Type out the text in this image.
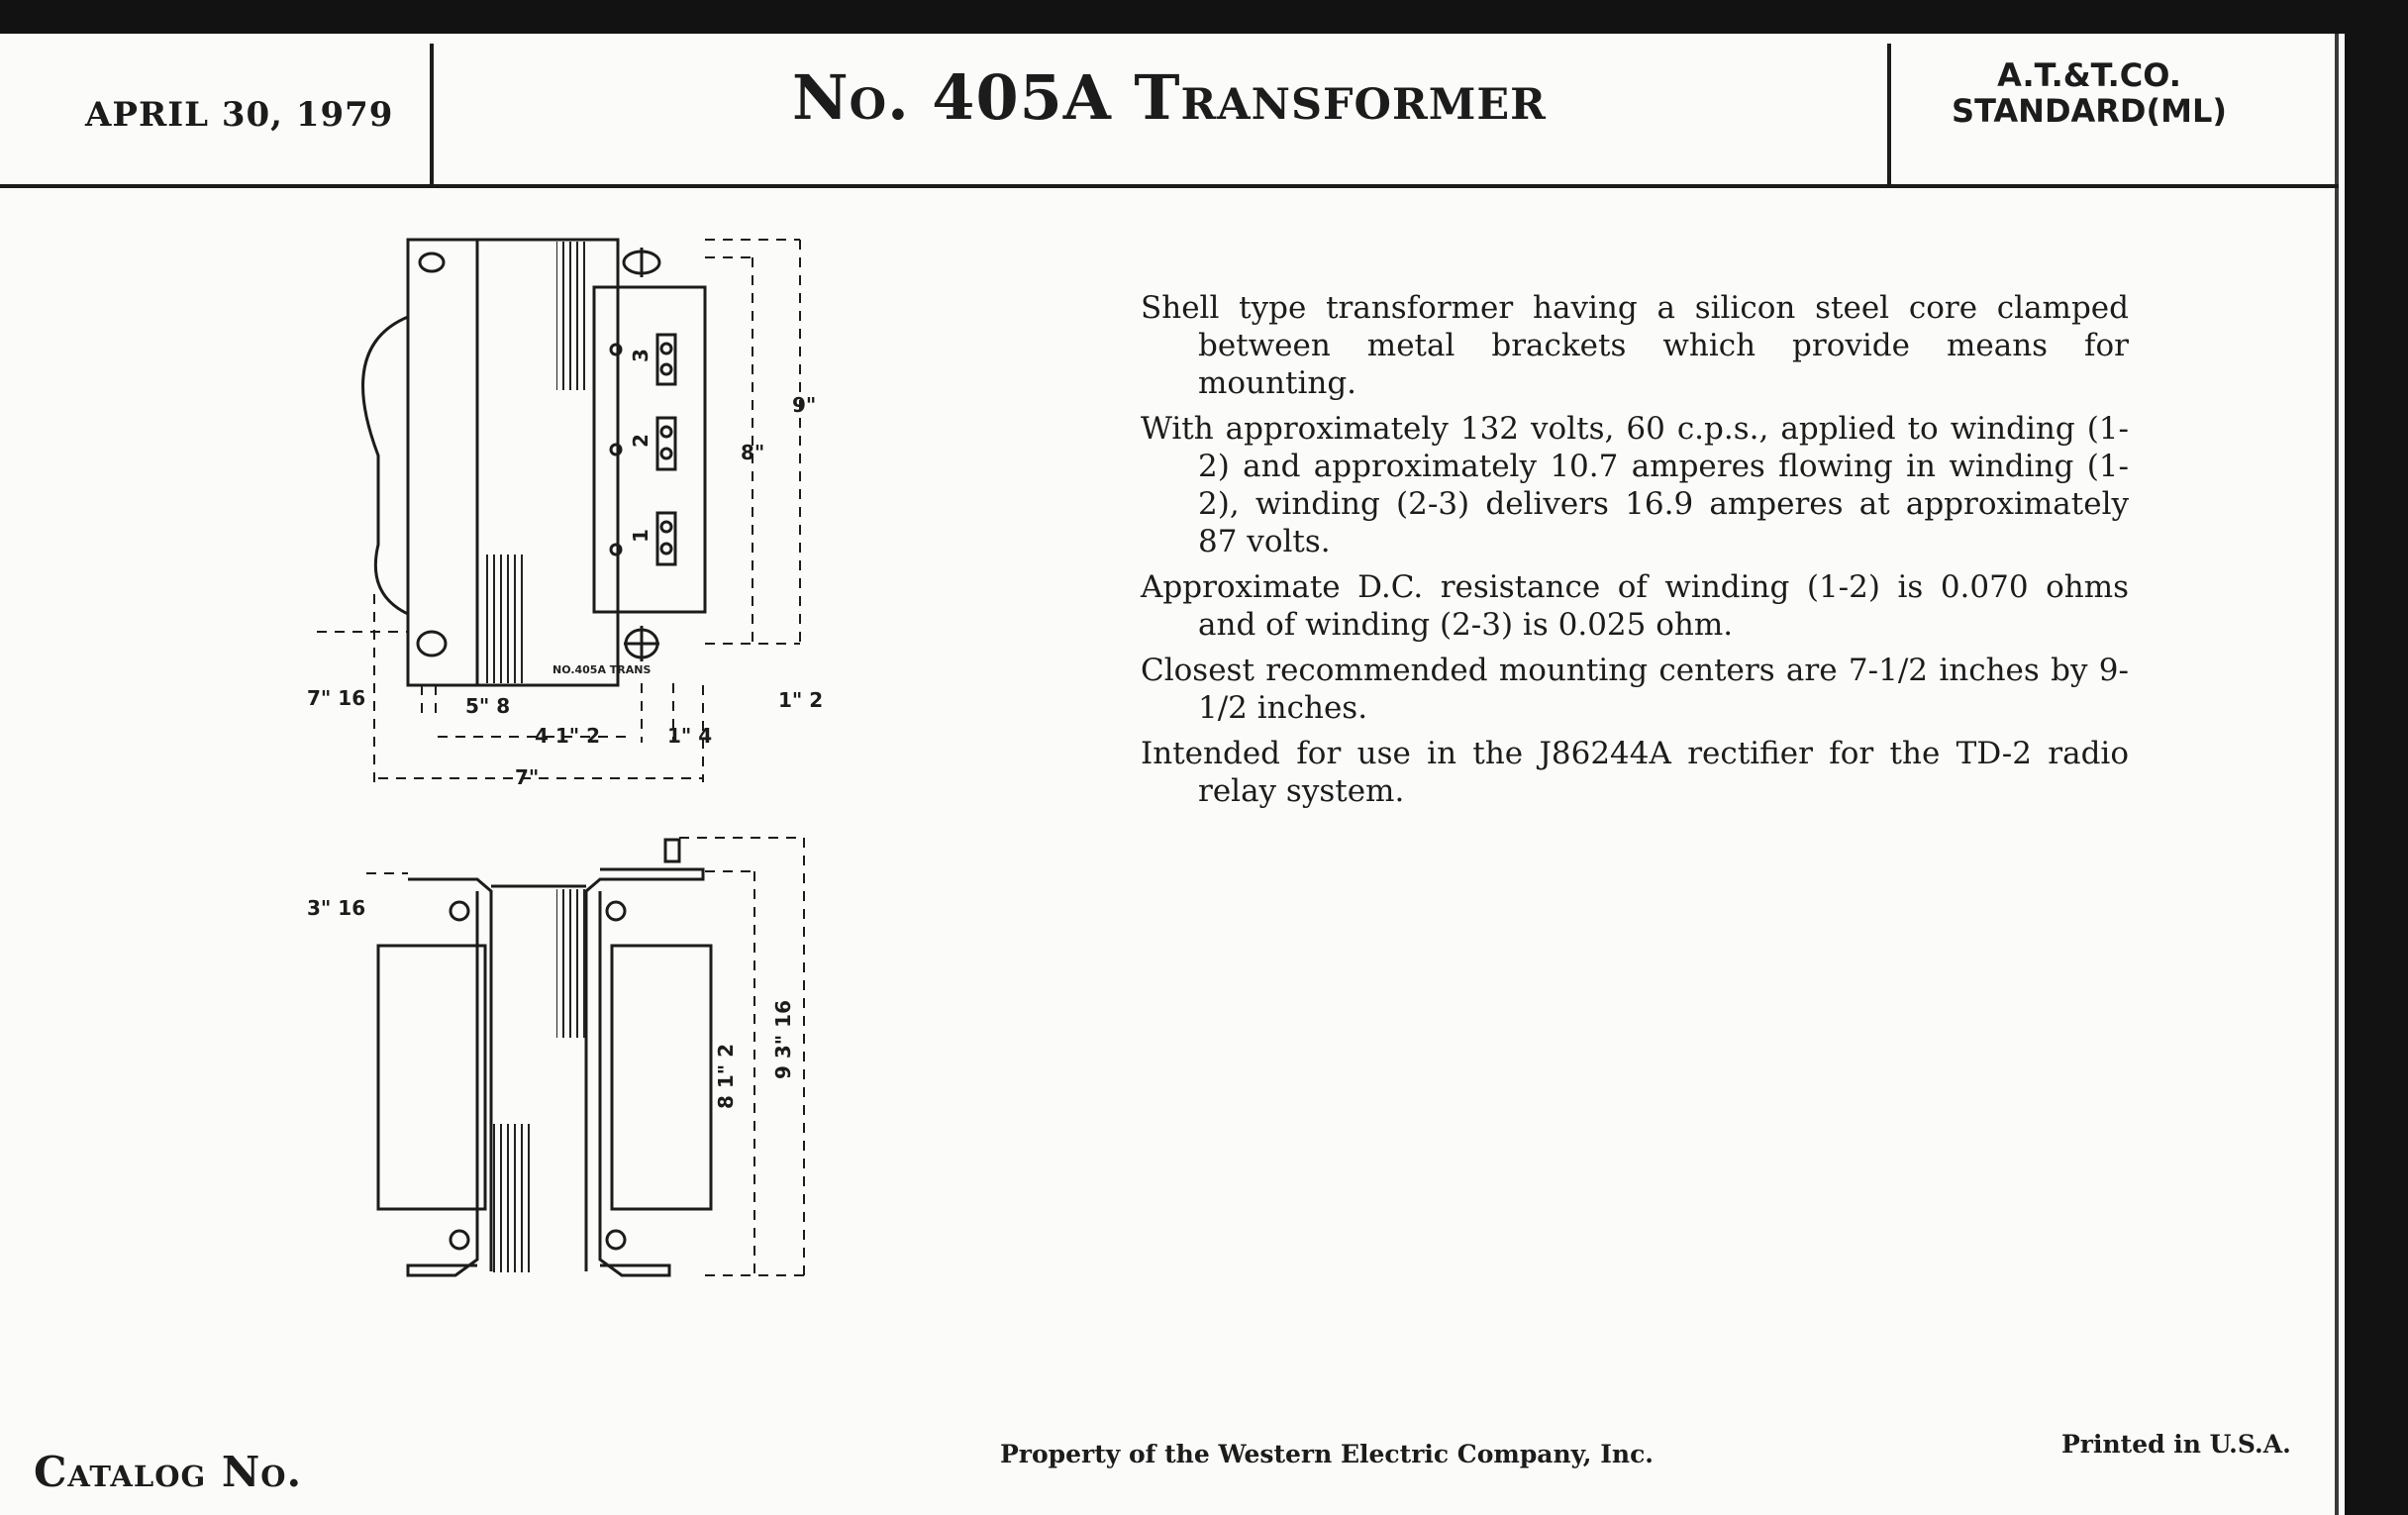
APRIL 30, 1979	No. 405A Transformer	A.T.&T.CO.
STANDARD(ML)
NO.405A TRANS
3
2
1
9"
8"
7" 16	5" 8
4 1" 2	1" 4
7"
1" 2
3" 16
8 1" 2 9 3" 16

Shell type transformer having a silicon steel core clamped between metal brackets which provide means for mounting.

With approximately 132 volts, 60 c.p.s., applied to winding (1-2) and approximately 10.7 amperes flowing in winding (1-2), winding (2-3) delivers 16.9 amperes at approximately 87 volts.

Approximate D.C. resistance of winding (1-2) is 0.070 ohms and of winding (2-3) is 0.025 ohm.

Closest recommended mounting centers are 7-1/2 inches by 9-1/2 inches.

Intended for use in the J86244A rectifier for the TD-2 radio relay system.

Catalog No.	Property of the Western Electric Company, Inc.	Printed in U.S.A.
